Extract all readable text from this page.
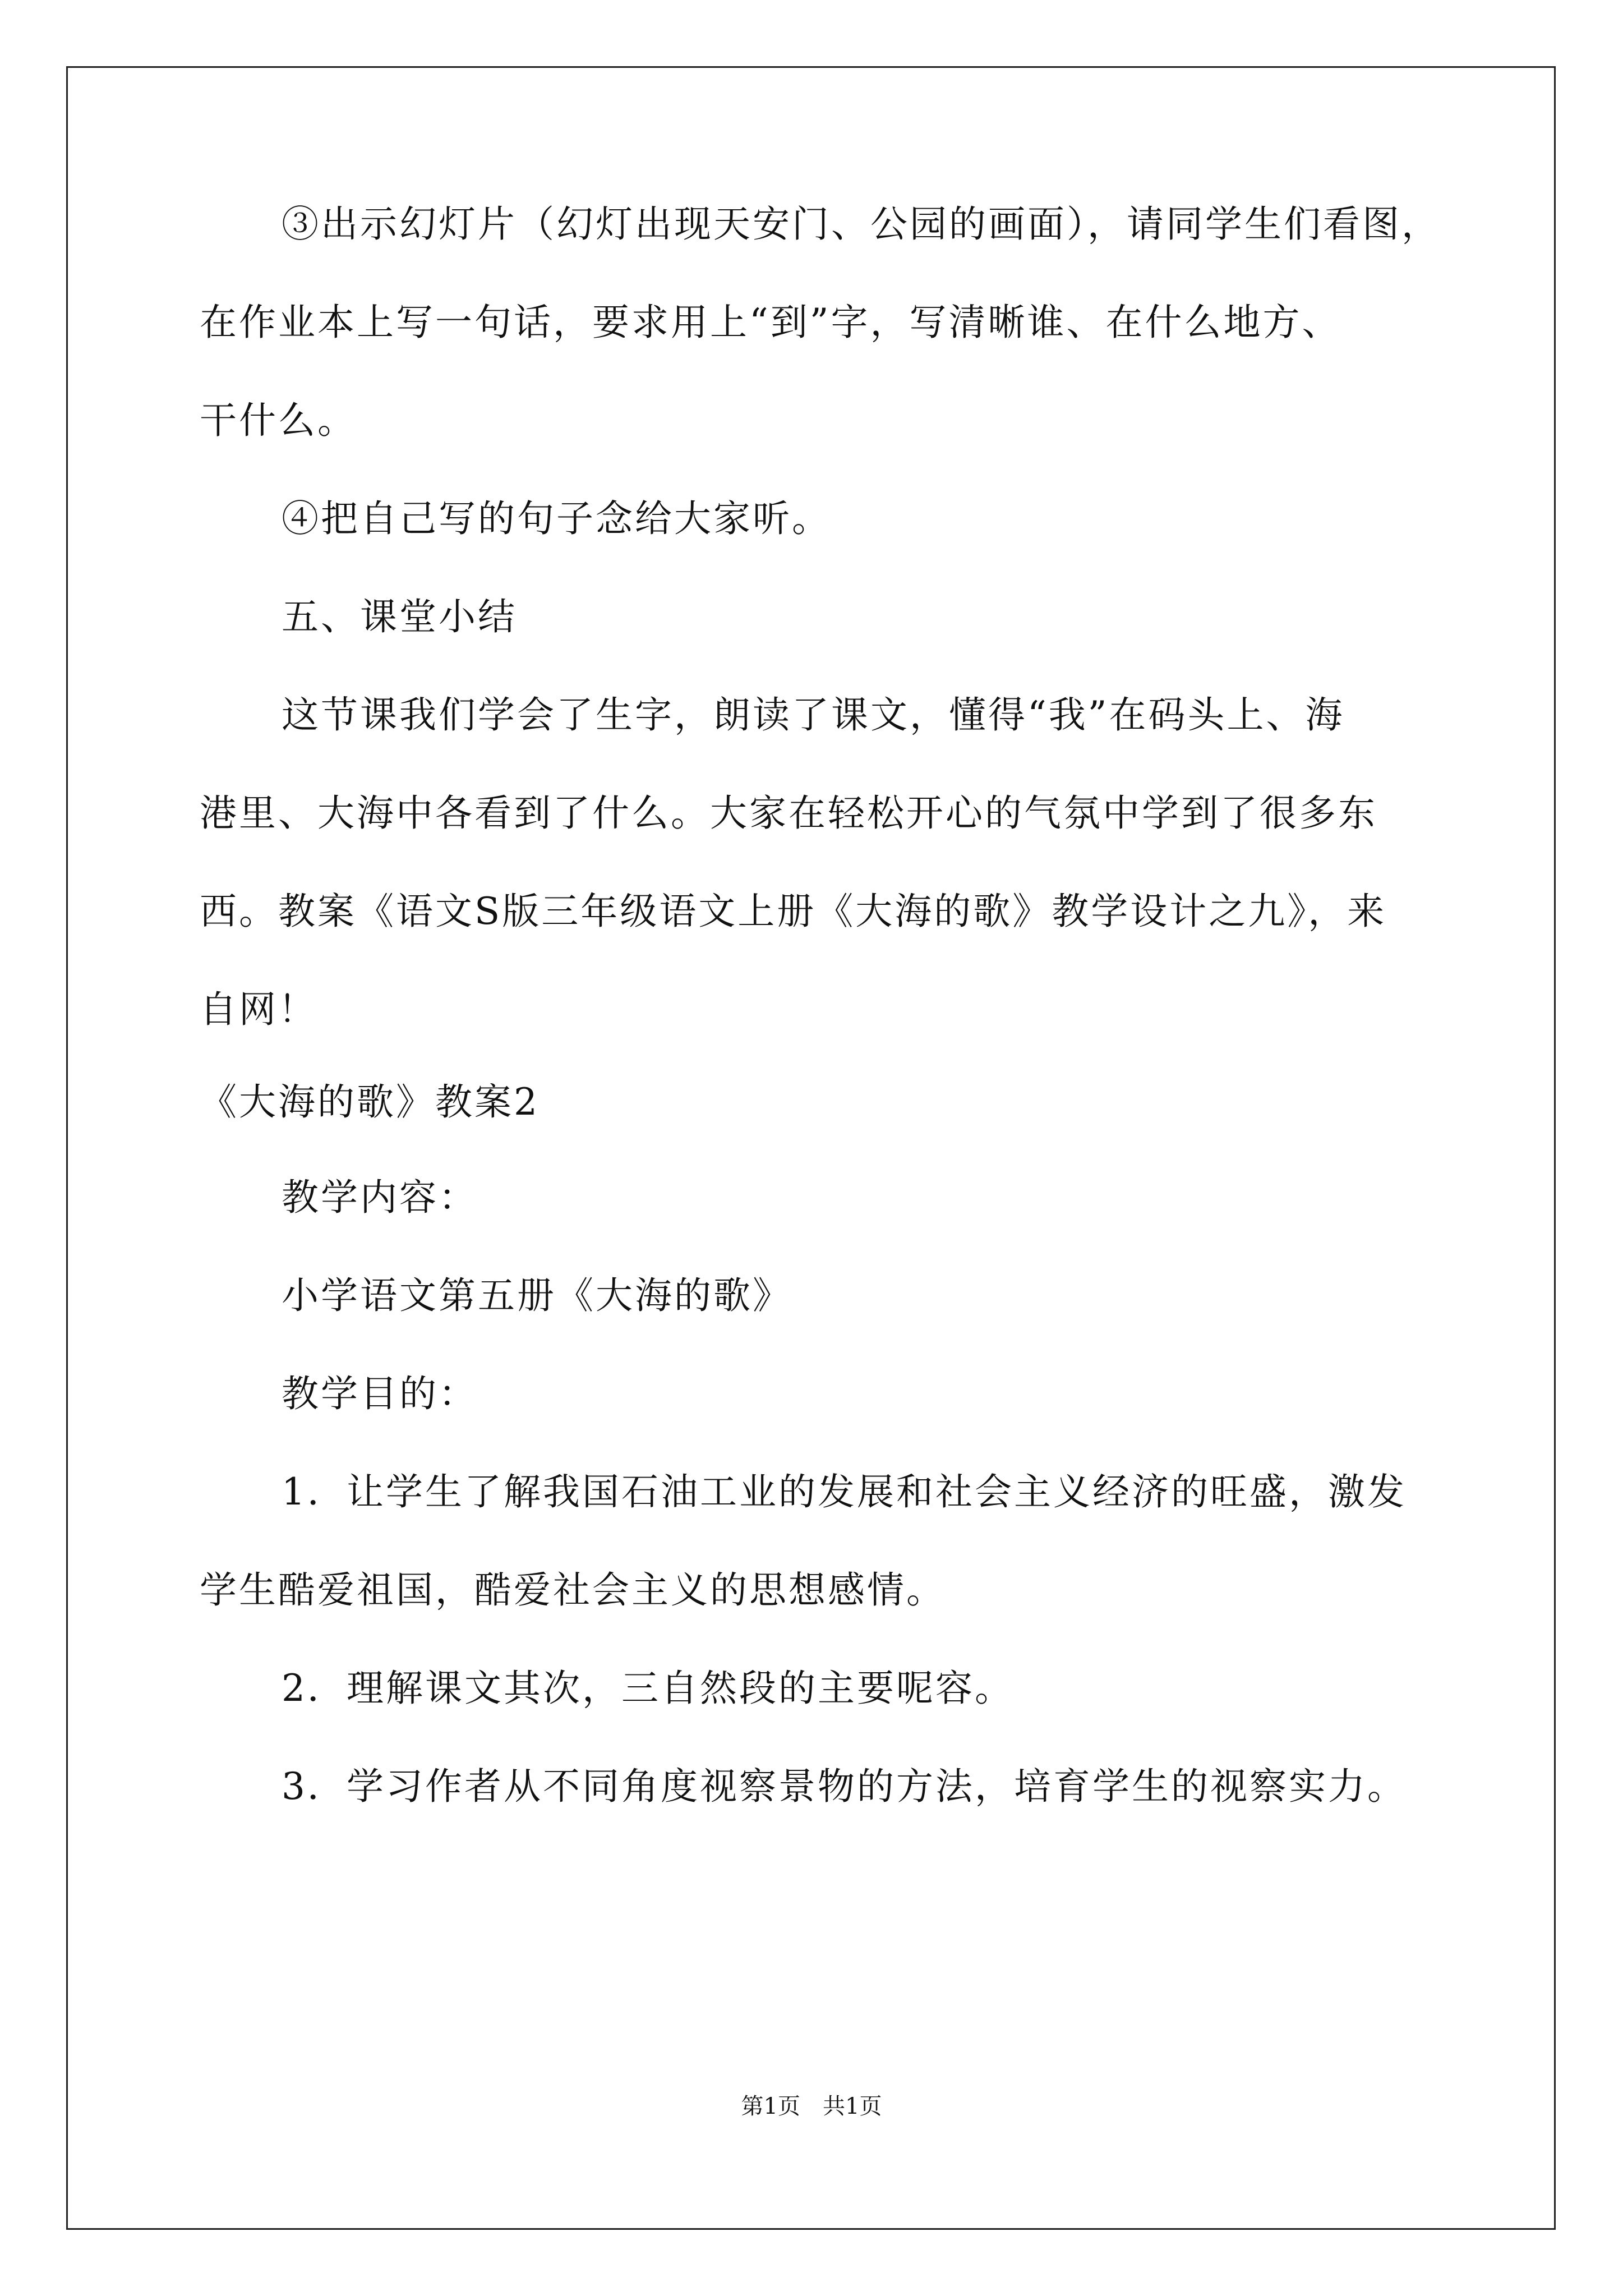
③出示幻灯片（幻灯出现天安门、公园的画面），请同学生们看图，
在作业本上写一句话，要求用上“到”字，写清晰谁、在什么地方、
干什么。
④把自己写的句子念给大家听。
五、课堂小结
这节课我们学会了生字，朗读了课文，懂得“我”在码头上、海
港里、大海中各看到了什么。大家在轻松开心的气氛中学到了很多东
西。教案《语文S版三年级语文上册《大海的歌》教学设计之九》，来
自网！
《大海的歌》教案2
教学内容：
小学语文第五册《大海的歌》
教学目的：
1．让学生了解我国石油工业的发展和社会主义经济的旺盛，激发
学生酷爱祖国，酷爱社会主义的思想感情。
2．理解课文其次，三自然段的主要呢容。
3．学习作者从不同角度视察景物的方法，培育学生的视察实力。
第1页　共1页
